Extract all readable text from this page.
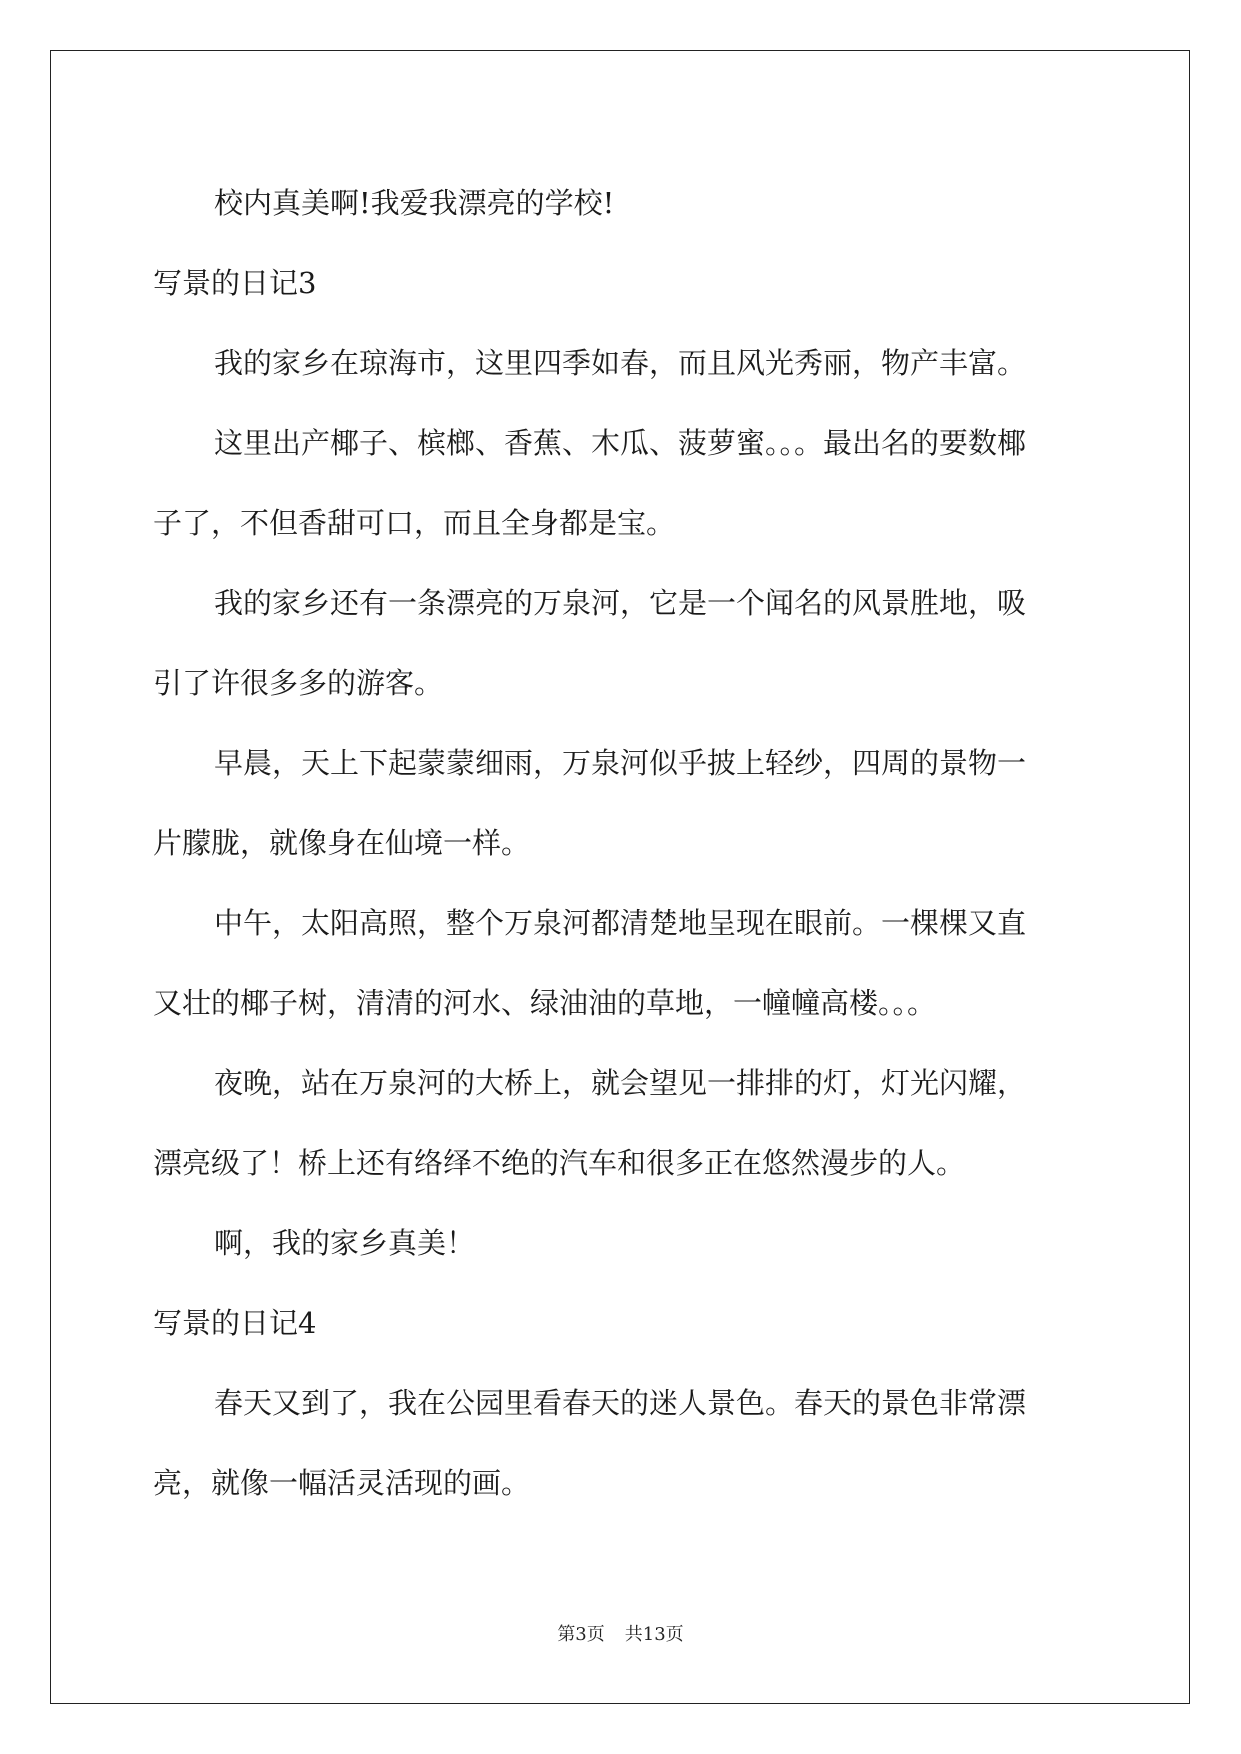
校内真美啊!我爱我漂亮的学校!

写景的日记3

我的家乡在琼海市，这里四季如春，而且风光秀丽，物产丰富。

这里出产椰子、槟榔、香蕉、木瓜、菠萝蜜。。。最出名的要数椰

子了，不但香甜可口，而且全身都是宝。

我的家乡还有一条漂亮的万泉河，它是一个闻名的风景胜地，吸

引了许很多多的游客。

早晨，天上下起蒙蒙细雨，万泉河似乎披上轻纱，四周的景物一

片朦胧，就像身在仙境一样。

中午，太阳高照，整个万泉河都清楚地呈现在眼前。一棵棵又直

又壮的椰子树，清清的河水、绿油油的草地，一幢幢高楼。。。

夜晚，站在万泉河的大桥上，就会望见一排排的灯，灯光闪耀，

漂亮级了！桥上还有络绎不绝的汽车和很多正在悠然漫步的人。

啊，我的家乡真美！

写景的日记4

春天又到了，我在公园里看春天的迷人景色。春天的景色非常漂

亮，就像一幅活灵活现的画。

第3页 共13页
